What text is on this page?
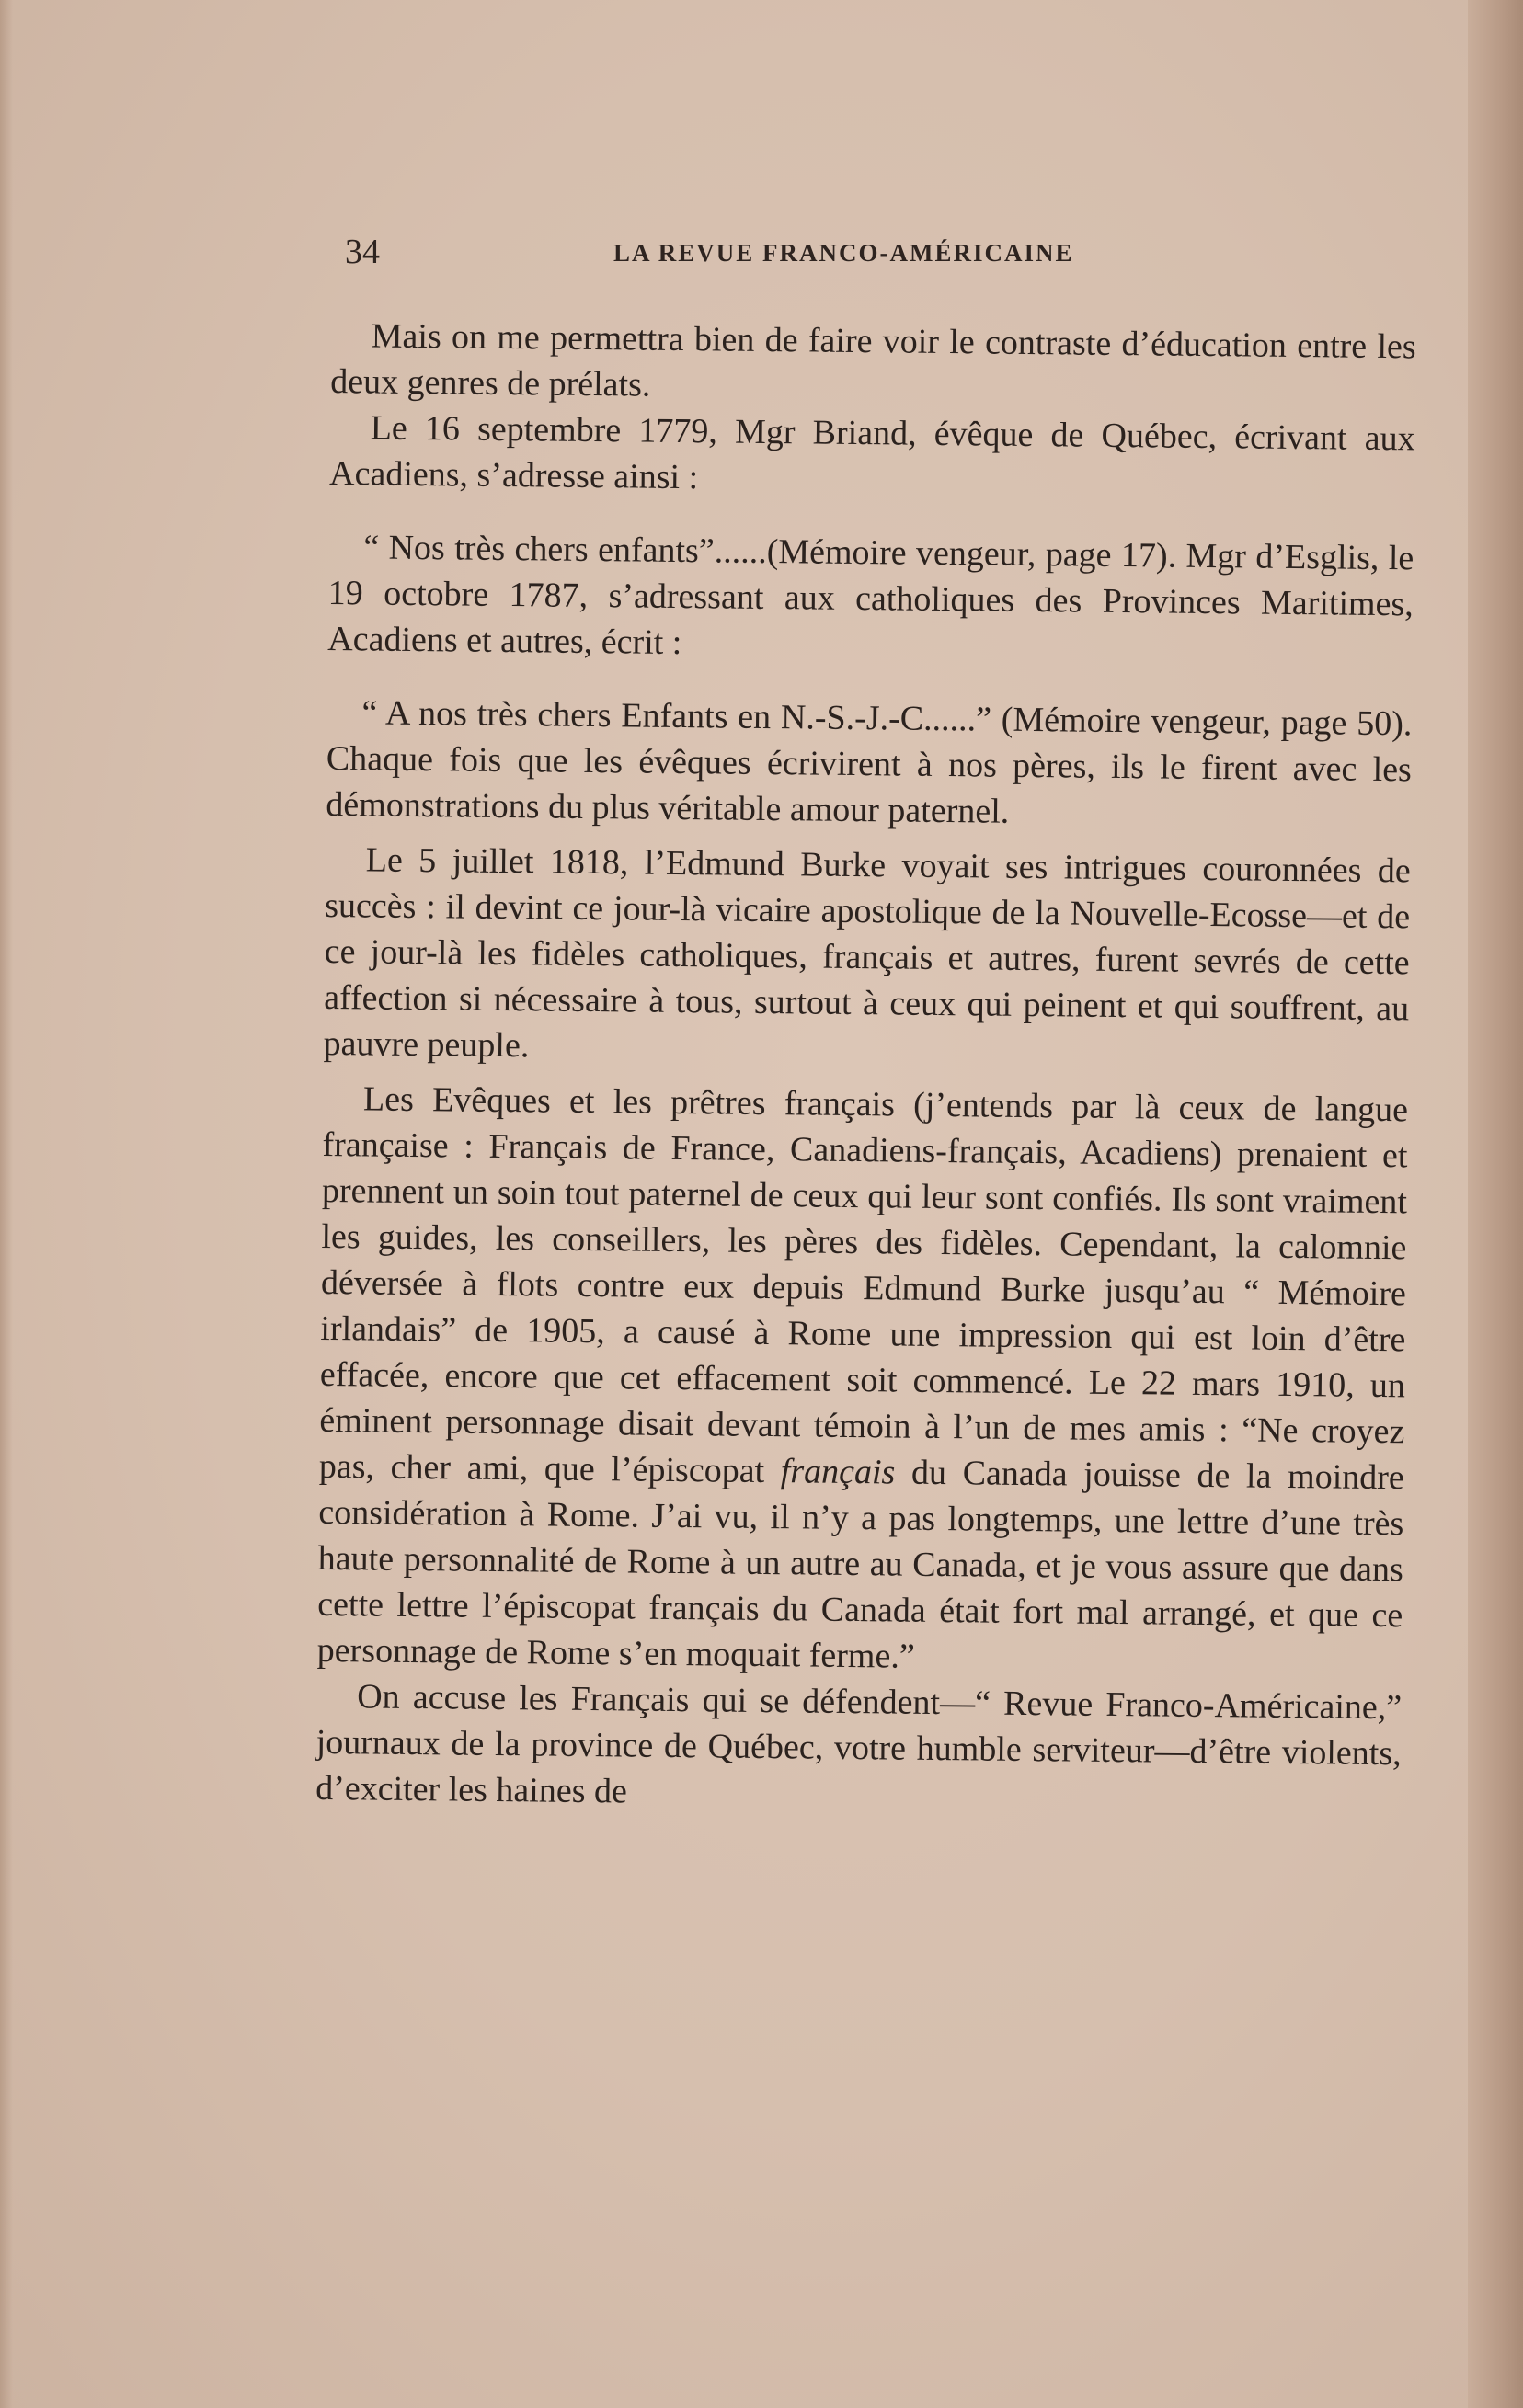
34	LA REVUE FRANCO-AMÉRICAINE

Mais on me permettra bien de faire voir le contraste d’éducation entre les deux genres de prélats.

Le 16 septembre 1779, Mgr Briand, évêque de Québec, écrivant aux Acadiens, s’adresse ainsi :

“ Nos très chers enfants”......(Mémoire vengeur, page 17). Mgr d’Esglis, le 19 octobre 1787, s’adressant aux catholiques des Provinces Maritimes, Acadiens et autres, écrit :

“ A nos très chers Enfants en N.-S.-J.-C......” (Mémoire vengeur, page 50). Chaque fois que les évêques écrivirent à nos pères, ils le firent avec les démonstrations du plus véritable amour paternel.

Le 5 juillet 1818, l’Edmund Burke voyait ses intrigues couronnées de succès : il devint ce jour-là vicaire apostolique de la Nouvelle-Ecosse—et de ce jour-là les fidèles catholiques, français et autres, furent sevrés de cette affection si nécessaire à tous, surtout à ceux qui peinent et qui souffrent, au pauvre peuple.

Les Evêques et les prêtres français (j’entends par là ceux de langue française : Français de France, Canadiens-français, Acadiens) prenaient et prennent un soin tout paternel de ceux qui leur sont confiés. Ils sont vraiment les guides, les conseillers, les pères des fidèles. Cependant, la calomnie déversée à flots contre eux depuis Edmund Burke jusqu’au “ Mémoire irlandais” de 1905, a causé à Rome une impression qui est loin d’être effacée, encore que cet effacement soit commencé. Le 22 mars 1910, un éminent personnage disait devant témoin à l’un de mes amis : “Ne croyez pas, cher ami, que l’épiscopat français du Canada jouisse de la moindre considération à Rome. J’ai vu, il n’y a pas longtemps, une lettre d’une très haute personnalité de Rome à un autre au Canada, et je vous assure que dans cette lettre l’épiscopat français du Canada était fort mal arrangé, et que ce personnage de Rome s’en moquait ferme.”

On accuse les Français qui se défendent—“ Revue Franco-Américaine,” journaux de la province de Québec, votre humble serviteur—d’être violents, d’exciter les haines de
